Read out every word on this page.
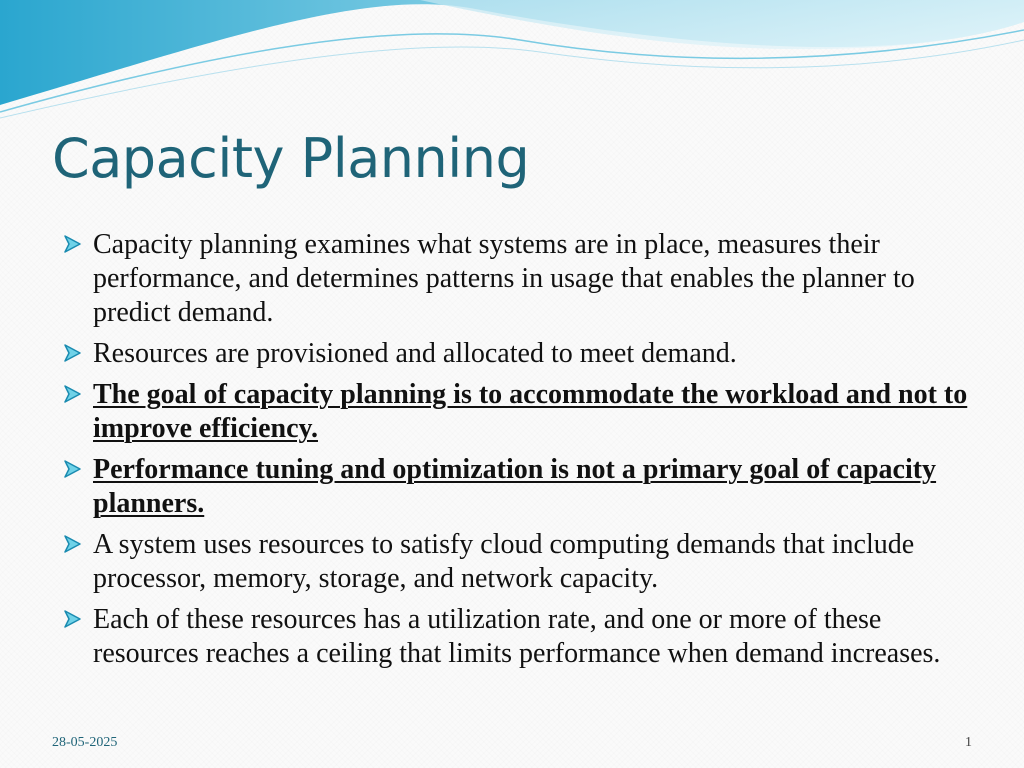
Capacity Planning
Capacity planning examines what systems are in place, measures their performance, and determines patterns in usage that enables the planner to predict demand.
Resources are provisioned and allocated to meet demand.
The goal of capacity planning is to accommodate the workload and not to improve efficiency.
Performance tuning and optimization is not a primary goal of capacity planners.
A system uses resources to satisfy cloud computing demands that include processor, memory, storage, and network capacity.
Each of these resources has a utilization rate, and one or more of these resources reaches a ceiling that limits performance when demand increases.
28-05-2025	1
